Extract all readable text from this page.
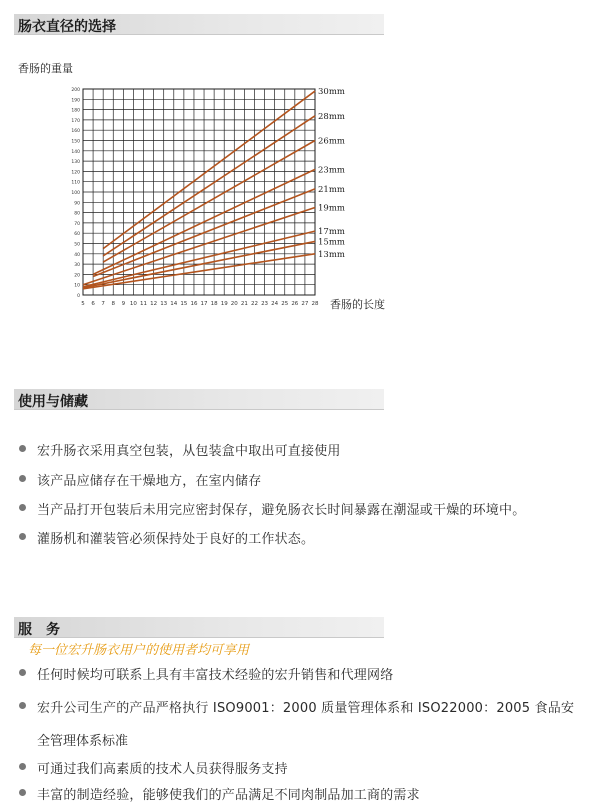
肠衣直径的选择
香肠的重量
香肠的长度
5 6 7 8 9 10 11 12 13 14 15 16 17 18 19 20 21 22 23 24 25 26 27 28
0
10
20
30
40
50
60
70
80
90
100
110
120
130
140
150
160
170
180
190
200	30mm
28mm
26mm
23mm
21mm
19mm
17mm
15mm
13mm
使用与储藏
宏升肠衣采用真空包装，从包装盒中取出可直接使用
该产品应储存在干燥地方，在室内储存
当产品打开包装后未用完应密封保存，避免肠衣长时间暴露在潮湿或干燥的环境中。
灌肠机和灌装管必须保持处于良好的工作状态。
服　务
每一位宏升肠衣用户的使用者均可享用
任何时候均可联系上具有丰富技术经验的宏升销售和代理网络
宏升公司生产的产品严格执行 ISO9001：2000 质量管理体系和 ISO22000：2005 食品安
全管理体系标准
可通过我们高素质的技术人员获得服务支持
丰富的制造经验，能够使我们的产品满足不同肉制品加工商的需求
